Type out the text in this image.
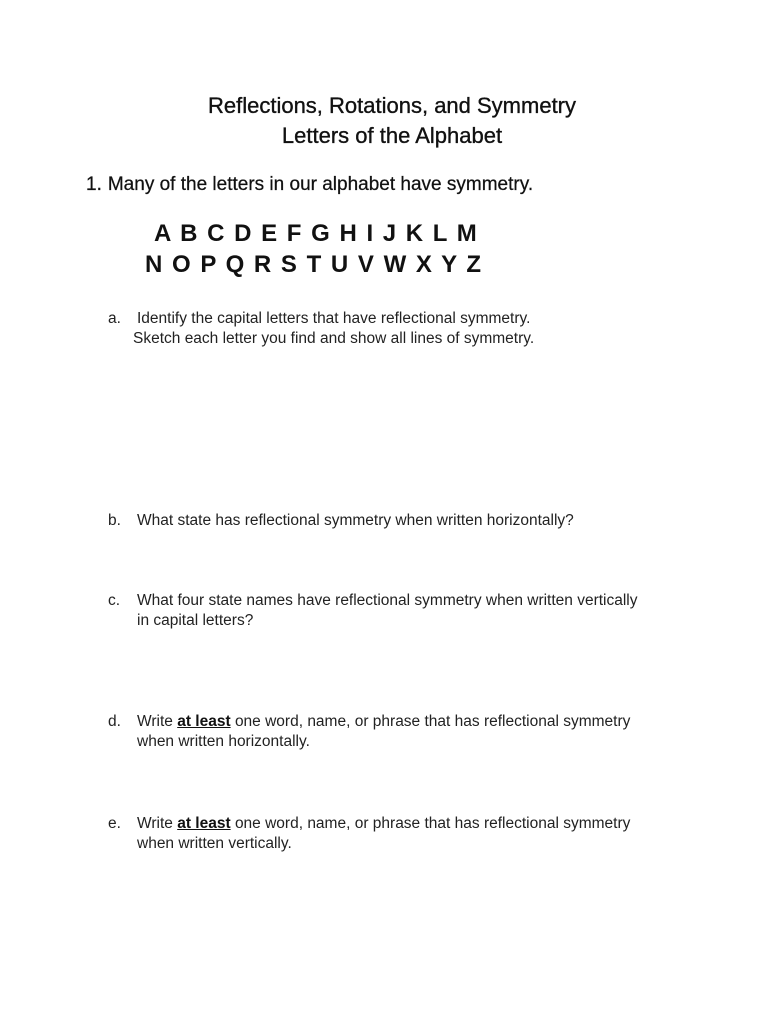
Reflections, Rotations, and Symmetry
Letters of the Alphabet
1. Many of the letters in our alphabet have symmetry.
A B C D E F G H I J K L M
N O P Q R S T U V W X Y Z
a. Identify the capital letters that have reflectional symmetry.
Sketch each letter you find and show all lines of symmetry.
b. What state has reflectional symmetry when written horizontally?
c. What four state names have reflectional symmetry when written vertically
in capital letters?
d. Write at least one word, name, or phrase that has reflectional symmetry
when written horizontally.
e. Write at least one word, name, or phrase that has reflectional symmetry
when written vertically.
